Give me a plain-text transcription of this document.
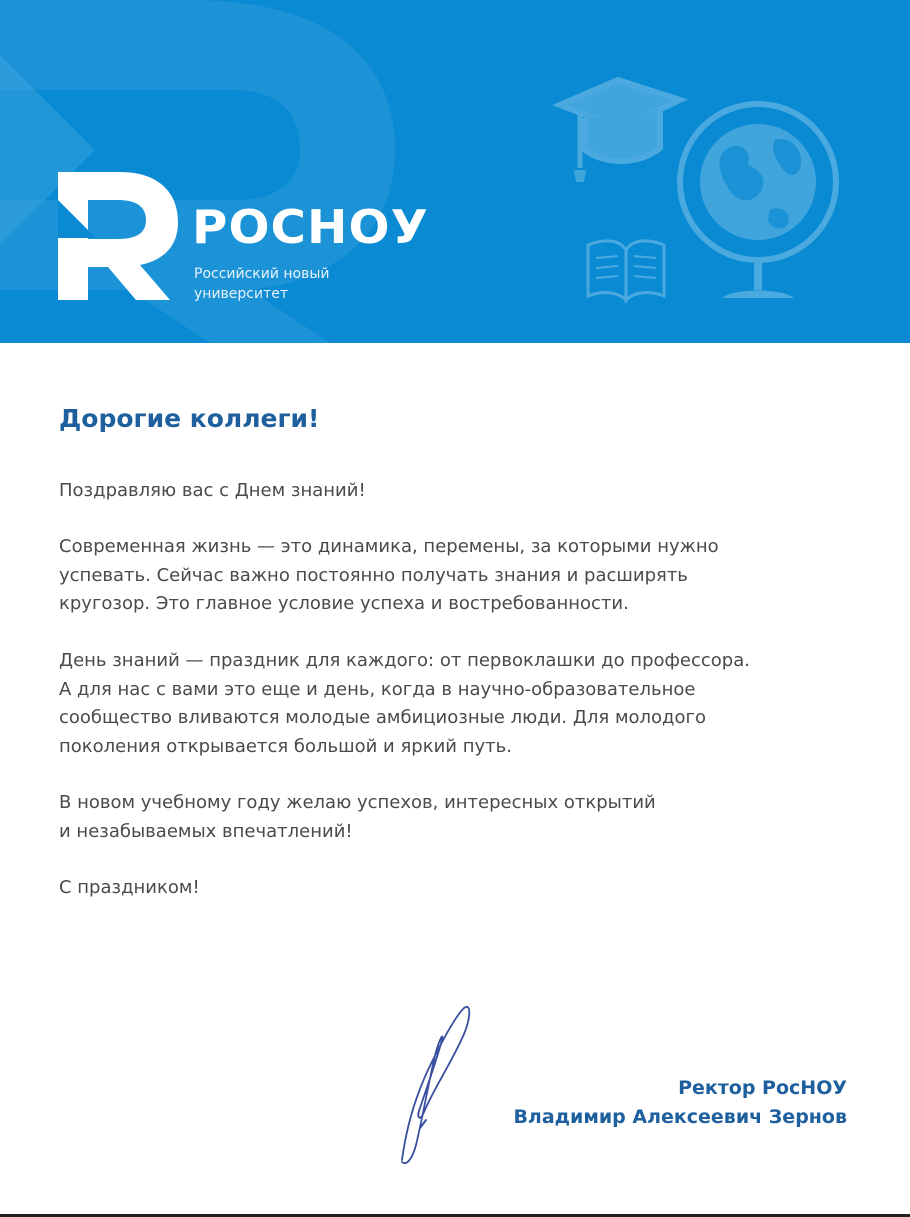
РОСНОУ
Российский новый университет
Дорогие коллеги!
Поздравляю вас с Днем знаний!
Современная жизнь — это динамика, перемены, за которыми нужно
успевать. Сейчас важно постоянно получать знания и расширять
кругозор. Это главное условие успеха и востребованности.
День знаний — праздник для каждого: от первоклашки до профессора.
А для нас с вами это еще и день, когда в научно-образовательное
сообщество вливаются молодые амбициозные люди. Для молодого
поколения открывается большой и яркий путь.
В новом учебному году желаю успехов, интересных открытий
и незабываемых впечатлений!
С праздником!
Ректор РосНОУ
Владимир Алексеевич Зернов
